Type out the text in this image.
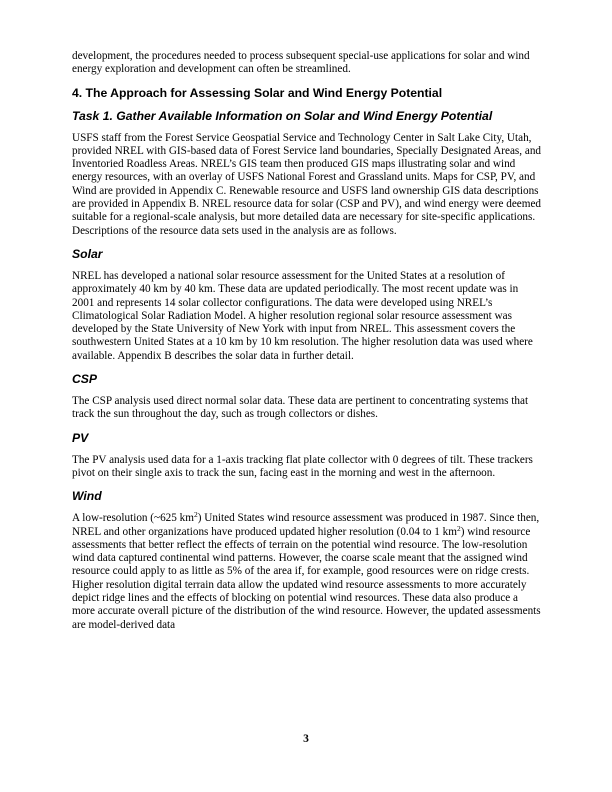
development, the procedures needed to process subsequent special-use applications for solar and wind energy exploration and development can often be streamlined.

4. The Approach for Assessing Solar and Wind Energy Potential
Task 1. Gather Available Information on Solar and Wind Energy Potential

USFS staff from the Forest Service Geospatial Service and Technology Center in Salt Lake City, Utah, provided NREL with GIS-based data of Forest Service land boundaries, Specially Designated Areas, and Inventoried Roadless Areas. NREL’s GIS team then produced GIS maps illustrating solar and wind energy resources, with an overlay of USFS National Forest and Grassland units. Maps for CSP, PV, and Wind are provided in Appendix C. Renewable resource and USFS land ownership GIS data descriptions are provided in Appendix B. NREL resource data for solar (CSP and PV), and wind energy were deemed suitable for a regional-scale analysis, but more detailed data are necessary for site-specific applications. Descriptions of the resource data sets used in the analysis are as follows.

Solar

NREL has developed a national solar resource assessment for the United States at a resolution of approximately 40 km by 40 km. These data are updated periodically. The most recent update was in 2001 and represents 14 solar collector configurations. The data were developed using NREL’s Climatological Solar Radiation Model. A higher resolution regional solar resource assessment was developed by the State University of New York with input from NREL. This assessment covers the southwestern United States at a 10 km by 10 km resolution. The higher resolution data was used where available. Appendix B describes the solar data in further detail.

CSP

The CSP analysis used direct normal solar data. These data are pertinent to concentrating systems that track the sun throughout the day, such as trough collectors or dishes.

PV

The PV analysis used data for a 1-axis tracking flat plate collector with 0 degrees of tilt. These trackers pivot on their single axis to track the sun, facing east in the morning and west in the afternoon.

Wind

A low-resolution (~625 $km^2$) United States wind resource assessment was produced in 1987. Since then, NREL and other organizations have produced updated higher resolution (0.04 to 1 $km^2$) wind resource assessments that better reflect the effects of terrain on the potential wind resource. The low-resolution wind data captured continental wind patterns. However, the coarse scale meant that the assigned wind resource could apply to as little as 5% of the area if, for example, good resources were on ridge crests. Higher resolution digital terrain data allow the updated wind resource assessments to more accurately depict ridge lines and the effects of blocking on potential wind resources. These data also produce a more accurate overall picture of the distribution of the wind resource. However, the updated assessments are model-derived data

3
